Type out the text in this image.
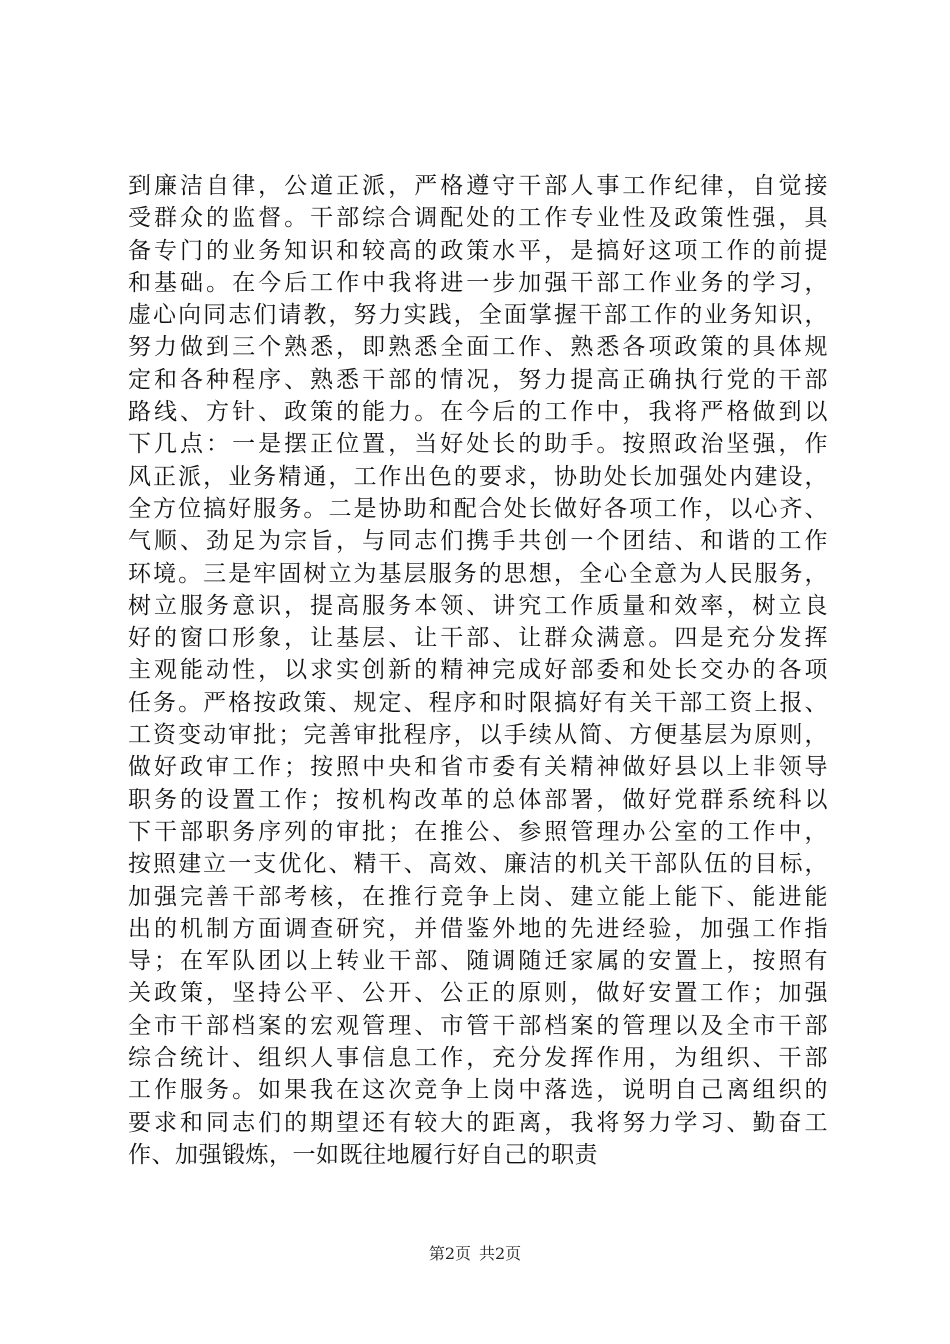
到廉洁自律，公道正派，严格遵守干部人事工作纪律，自觉接
受群众的监督。干部综合调配处的工作专业性及政策性强，具
备专门的业务知识和较高的政策水平，是搞好这项工作的前提
和基础。在今后工作中我将进一步加强干部工作业务的学习，
虚心向同志们请教，努力实践，全面掌握干部工作的业务知识，
努力做到三个熟悉，即熟悉全面工作、熟悉各项政策的具体规
定和各种程序、熟悉干部的情况，努力提高正确执行党的干部
路线、方针、政策的能力。在今后的工作中，我将严格做到以
下几点：一是摆正位置，当好处长的助手。按照政治坚强，作
风正派，业务精通，工作出色的要求，协助处长加强处内建设，
全方位搞好服务。二是协助和配合处长做好各项工作，以心齐、
气顺、劲足为宗旨，与同志们携手共创一个团结、和谐的工作
环境。三是牢固树立为基层服务的思想，全心全意为人民服务，
树立服务意识，提高服务本领、讲究工作质量和效率，树立良
好的窗口形象，让基层、让干部、让群众满意。四是充分发挥
主观能动性，以求实创新的精神完成好部委和处长交办的各项
任务。严格按政策、规定、程序和时限搞好有关干部工资上报、
工资变动审批；完善审批程序，以手续从简、方便基层为原则，
做好政审工作；按照中央和省市委有关精神做好县以上非领导
职务的设置工作；按机构改革的总体部署，做好党群系统科以
下干部职务序列的审批；在推公、参照管理办公室的工作中，
按照建立一支优化、精干、高效、廉洁的机关干部队伍的目标，
加强完善干部考核，在推行竞争上岗、建立能上能下、能进能
出的机制方面调查研究，并借鉴外地的先进经验，加强工作指
导；在军队团以上转业干部、随调随迁家属的安置上，按照有
关政策，坚持公平、公开、公正的原则，做好安置工作；加强
全市干部档案的宏观管理、市管干部档案的管理以及全市干部
综合统计、组织人事信息工作，充分发挥作用，为组织、干部
工作服务。如果我在这次竞争上岗中落选，说明自己离组织的
要求和同志们的期望还有较大的距离，我将努力学习、勤奋工
作、加强锻炼，一如既往地履行好自己的职责
第2页 共2页
